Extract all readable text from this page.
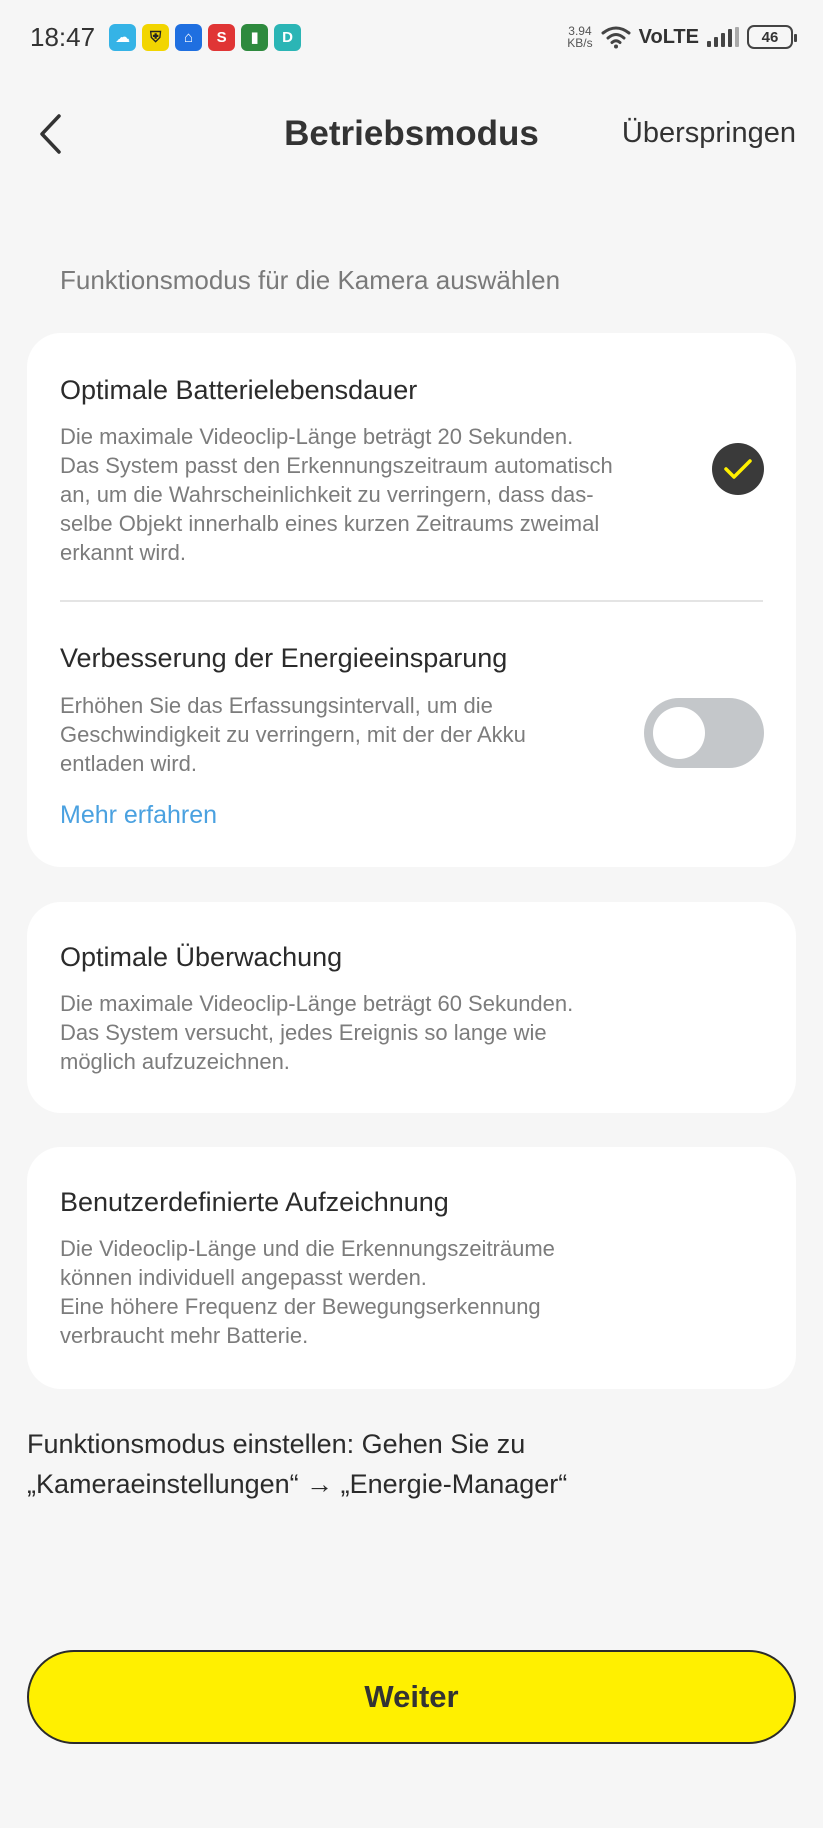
18:47	☁	⛨	⌂	S	▮	D	3.94
KB/s VoLTE	46
Betriebsmodus	Überspringen
Funktionsmodus für die Kamera auswählen
Optimale Batterielebensdauer
Die maximale Videoclip-Länge beträgt 20 Sekunden.
Das System passt den Erkennungszeitraum automatisch
an, um die Wahrscheinlichkeit zu verringern, dass das-
selbe Objekt innerhalb eines kurzen Zeitraums zweimal
erkannt wird.
Verbesserung der Energieeinsparung
Erhöhen Sie das Erfassungsintervall, um die
Geschwindigkeit zu verringern, mit der der Akku
entladen wird.
Mehr erfahren
Optimale Überwachung
Die maximale Videoclip-Länge beträgt 60 Sekunden.
Das System versucht, jedes Ereignis so lange wie
möglich aufzuzeichnen.
Benutzerdefinierte Aufzeichnung
Die Videoclip-Länge und die Erkennungszeiträume
können individuell angepasst werden.
Eine höhere Frequenz der Bewegungserkennung
verbraucht mehr Batterie.
Funktionsmodus einstellen: Gehen Sie zu
„Kameraeinstellungen“ → „Energie-Manager“
Weiter
